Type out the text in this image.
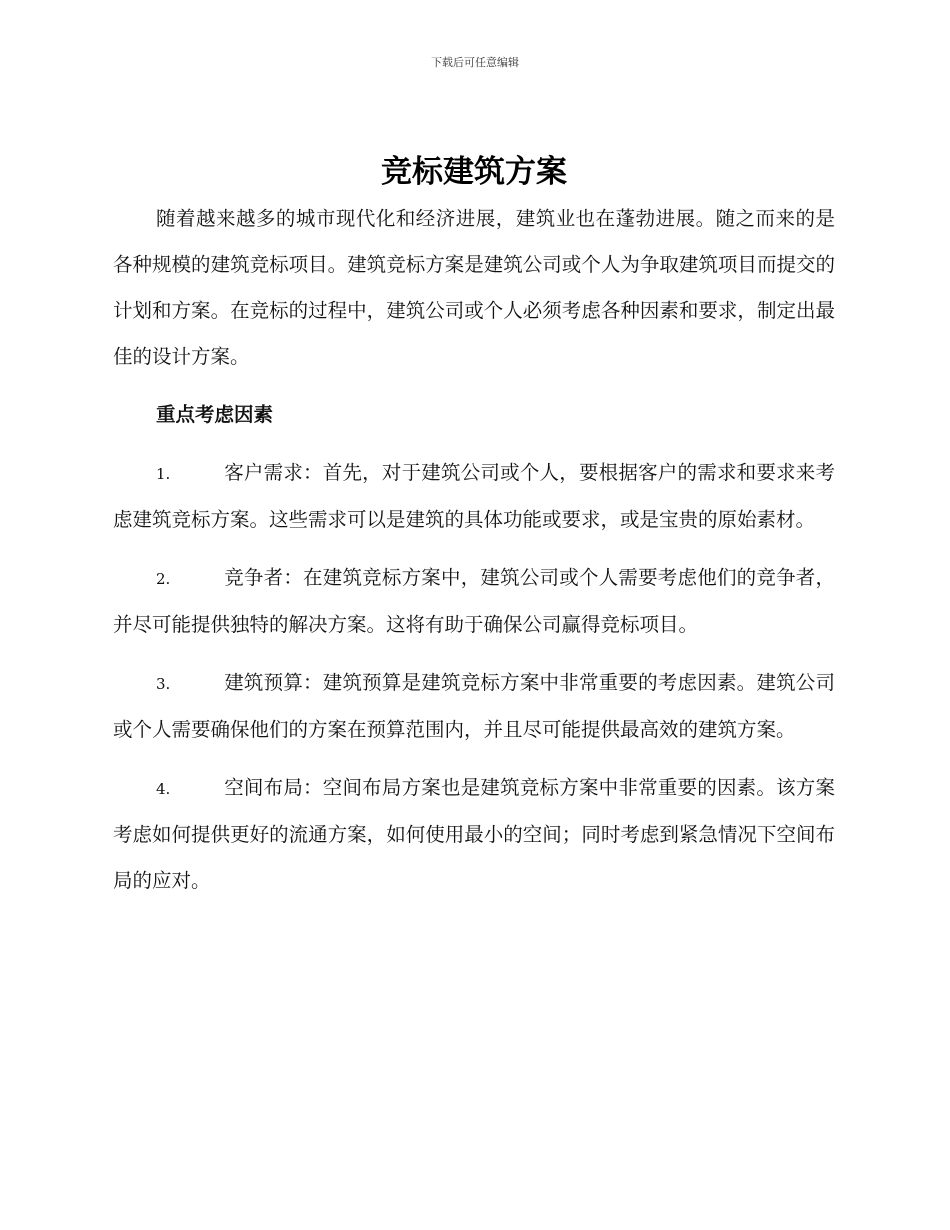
下载后可任意编辑
竞标建筑方案

随着越来越多的城市现代化和经济进展，建筑业也在蓬勃进展。随之而来的是各种规模的建筑竞标项目。建筑竞标方案是建筑公司或个人为争取建筑项目而提交的计划和方案。在竞标的过程中，建筑公司或个人必须考虑各种因素和要求，制定出最佳的设计方案。

重点考虑因素
1.	客户需求：首先，对于建筑公司或个人，要根据客户的需求和要求来考虑建筑竞标方案。这些需求可以是建筑的具体功能或要求，或是宝贵的原始素材。
2.	竞争者：在建筑竞标方案中，建筑公司或个人需要考虑他们的竞争者，并尽可能提供独特的解决方案。这将有助于确保公司赢得竞标项目。
3.	建筑预算：建筑预算是建筑竞标方案中非常重要的考虑因素。建筑公司或个人需要确保他们的方案在预算范围内，并且尽可能提供最高效的建筑方案。
4.	空间布局：空间布局方案也是建筑竞标方案中非常重要的因素。该方案考虑如何提供更好的流通方案，如何使用最小的空间；同时考虑到紧急情况下空间布局的应对。
